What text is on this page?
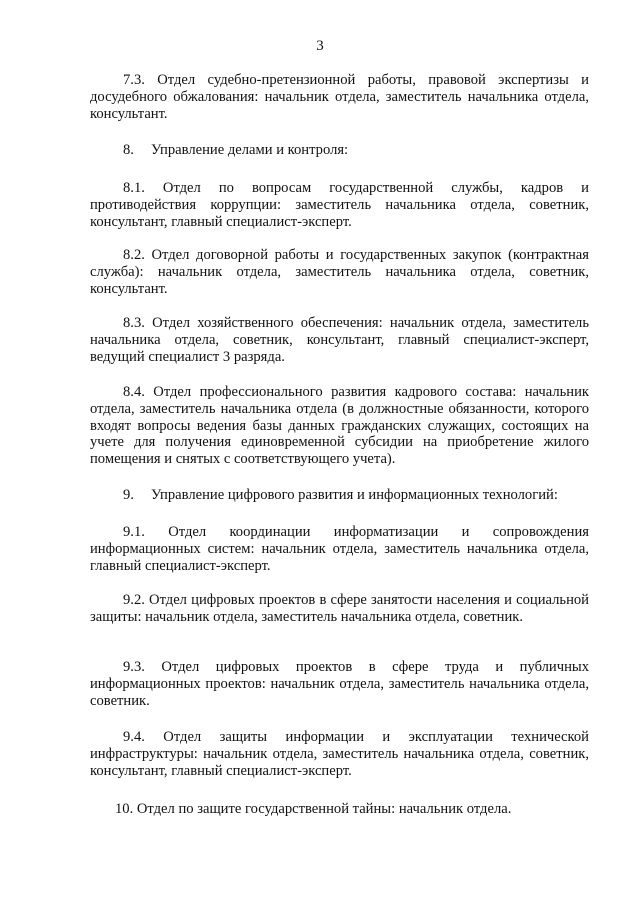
3

7.3. Отдел судебно-претензионной работы, правовой экспертизы и досудебного обжалования: начальник отдела, заместитель начальника отдела, консультант.

8. Управление делами и контроля:

8.1. Отдел по вопросам государственной службы, кадров и противодействия коррупции: заместитель начальника отдела, советник, консультант, главный специалист-эксперт.

8.2. Отдел договорной работы и государственных закупок (контрактная служба): начальник отдела, заместитель начальника отдела, советник, консультант.

8.3. Отдел хозяйственного обеспечения: начальник отдела, заместитель начальника отдела, советник, консультант, главный специалист-эксперт, ведущий специалист 3 разряда.

8.4. Отдел профессионального развития кадрового состава: начальник отдела, заместитель начальника отдела (в должностные обязанности, которого входят вопросы ведения базы данных гражданских служащих, состоящих на учете для получения единовременной субсидии на приобретение жилого помещения и снятых с соответствующего учета).

9. Управление цифрового развития и информационных технологий:

9.1. Отдел координации информатизации и сопровождения информационных систем: начальник отдела, заместитель начальника отдела, главный специалист-эксперт.

9.2. Отдел цифровых проектов в сфере занятости населения и социальной защиты: начальник отдела, заместитель начальника отдела, советник.

9.3. Отдел цифровых проектов в сфере труда и публичных информационных проектов: начальник отдела, заместитель начальника отдела, советник.

9.4. Отдел защиты информации и эксплуатации технической инфраструктуры: начальник отдела, заместитель начальника отдела, советник, консультант, главный специалист-эксперт.

10. Отдел по защите государственной тайны: начальник отдела.
